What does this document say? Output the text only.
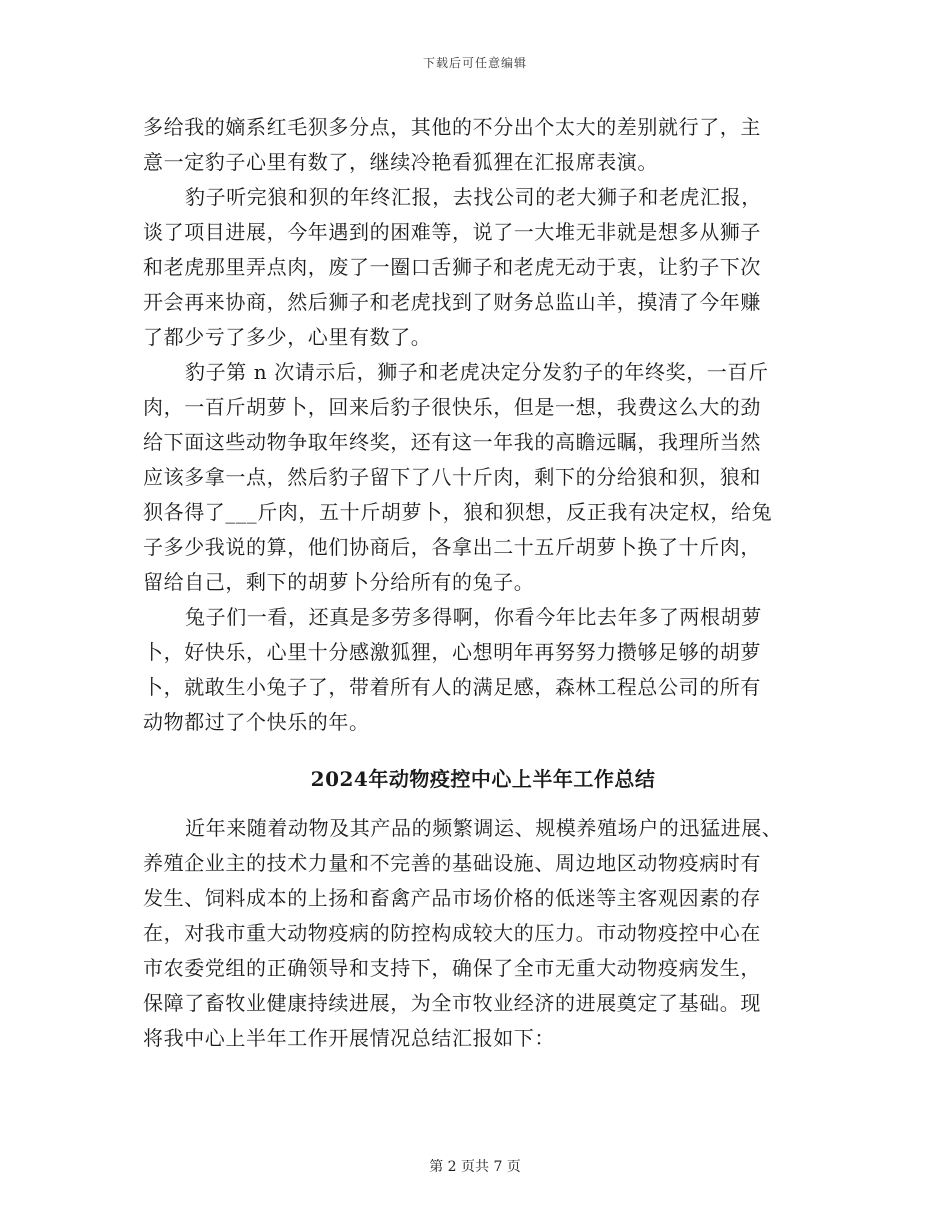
下载后可任意编辑
多给我的嫡系红毛狈多分点，其他的不分出个太大的差别就行了，主
意一定豹子心里有数了，继续冷艳看狐狸在汇报席表演。
豹子听完狼和狈的年终汇报，去找公司的老大狮子和老虎汇报，
谈了项目进展，今年遇到的困难等，说了一大堆无非就是想多从狮子
和老虎那里弄点肉，废了一圈口舌狮子和老虎无动于衷，让豹子下次
开会再来协商，然后狮子和老虎找到了财务总监山羊，摸清了今年赚
了都少亏了多少，心里有数了。
豹子第 n 次请示后，狮子和老虎决定分发豹子的年终奖，一百斤
肉，一百斤胡萝卜，回来后豹子很快乐，但是一想，我费这么大的劲
给下面这些动物争取年终奖，还有这一年我的高瞻远瞩，我理所当然
应该多拿一点，然后豹子留下了八十斤肉，剩下的分给狼和狈，狼和
狈各得了___斤肉，五十斤胡萝卜，狼和狈想，反正我有决定权，给兔
子多少我说的算，他们协商后，各拿出二十五斤胡萝卜换了十斤肉，
留给自己，剩下的胡萝卜分给所有的兔子。
兔子们一看，还真是多劳多得啊，你看今年比去年多了两根胡萝
卜，好快乐，心里十分感激狐狸，心想明年再努努力攒够足够的胡萝
卜，就敢生小兔子了，带着所有人的满足感，森林工程总公司的所有
动物都过了个快乐的年。
2024年动物疫控中心上半年工作总结
近年来随着动物及其产品的频繁调运、规模养殖场户的迅猛进展、
养殖企业主的技术力量和不完善的基础设施、周边地区动物疫病时有
发生、饲料成本的上扬和畜禽产品市场价格的低迷等主客观因素的存
在，对我市重大动物疫病的防控构成较大的压力。市动物疫控中心在
市农委党组的正确领导和支持下，确保了全市无重大动物疫病发生，
保障了畜牧业健康持续进展，为全市牧业经济的进展奠定了基础。现
将我中心上半年工作开展情况总结汇报如下：
第 2 页共 7 页
